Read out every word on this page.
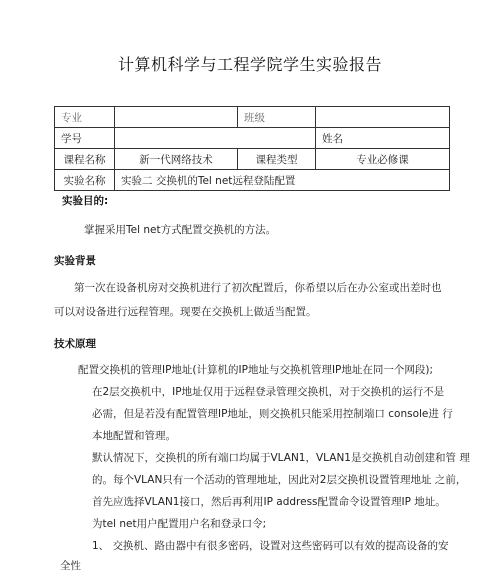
计算机科学与工程学院学生实验报告
专业		班级	
学号			姓名
课程名称	新一代网络技术	课程类型	专业必修课
实验名称	实验二 交换机的Tel net远程登陆配置		
实验目的:
掌握采用Tel net方式配置交换机的方法。
实验背景
第一次在设备机房对交换机进行了初次配置后，你希望以后在办公室或出差时也
可以对设备进行远程管理。现要在交换机上做适当配置。
技术原理
配置交换机的管理IP地址(计算机的IP地址与交换机管理IP地址在同一个网段);
在2层交换机中，IP地址仅用于远程登录管理交换机，对于交换机的运行不是
必需，但是若没有配置管理IP地址，则交换机只能采用控制端口 console进 行
本地配置和管理。
默认情况下，交换机的所有端口均属于VLAN1，VLAN1是交换机自动创建和管 理
的。每个VLAN只有一个活动的管理地址，因此对2层交换机设置管理地址 之前，
首先应选择VLAN1接口，然后再利用IP address配置命令设置管理IP 地址。
为tel net用户配置用户名和登录口令;
1、 交换机、路由器中有很多密码，设置对这些密码可以有效的提高设备的安
全性
